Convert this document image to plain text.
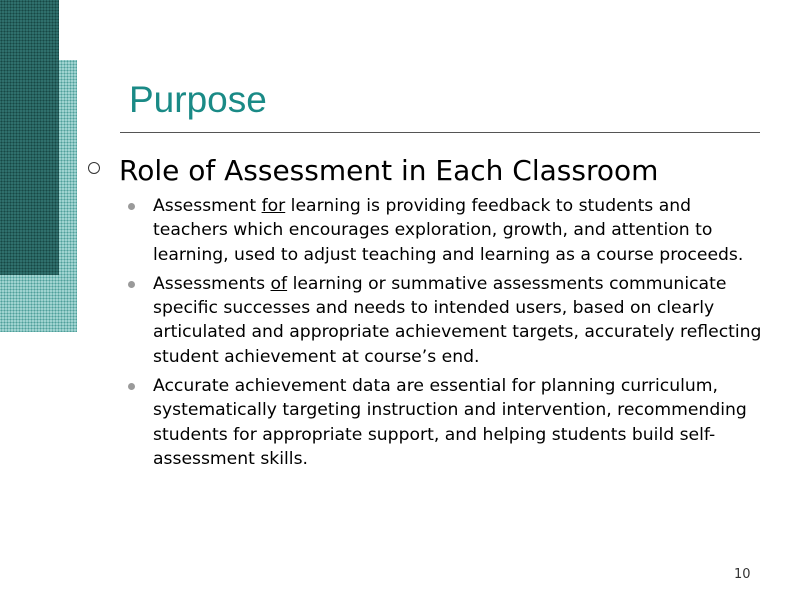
Purpose
Role of Assessment in Each Classroom
Assessment for learning is providing feedback to students and teachers which encourages exploration, growth, and attention to learning, used to adjust teaching and learning as a course proceeds.
Assessments of learning or summative assessments communicate specific successes and needs to intended users, based on clearly articulated and appropriate achievement targets, accurately reflecting student achievement at course’s end.
Accurate achievement data are essential for planning curriculum, systematically targeting instruction and intervention, recommending students for appropriate support, and helping students build self-assessment skills.
10
